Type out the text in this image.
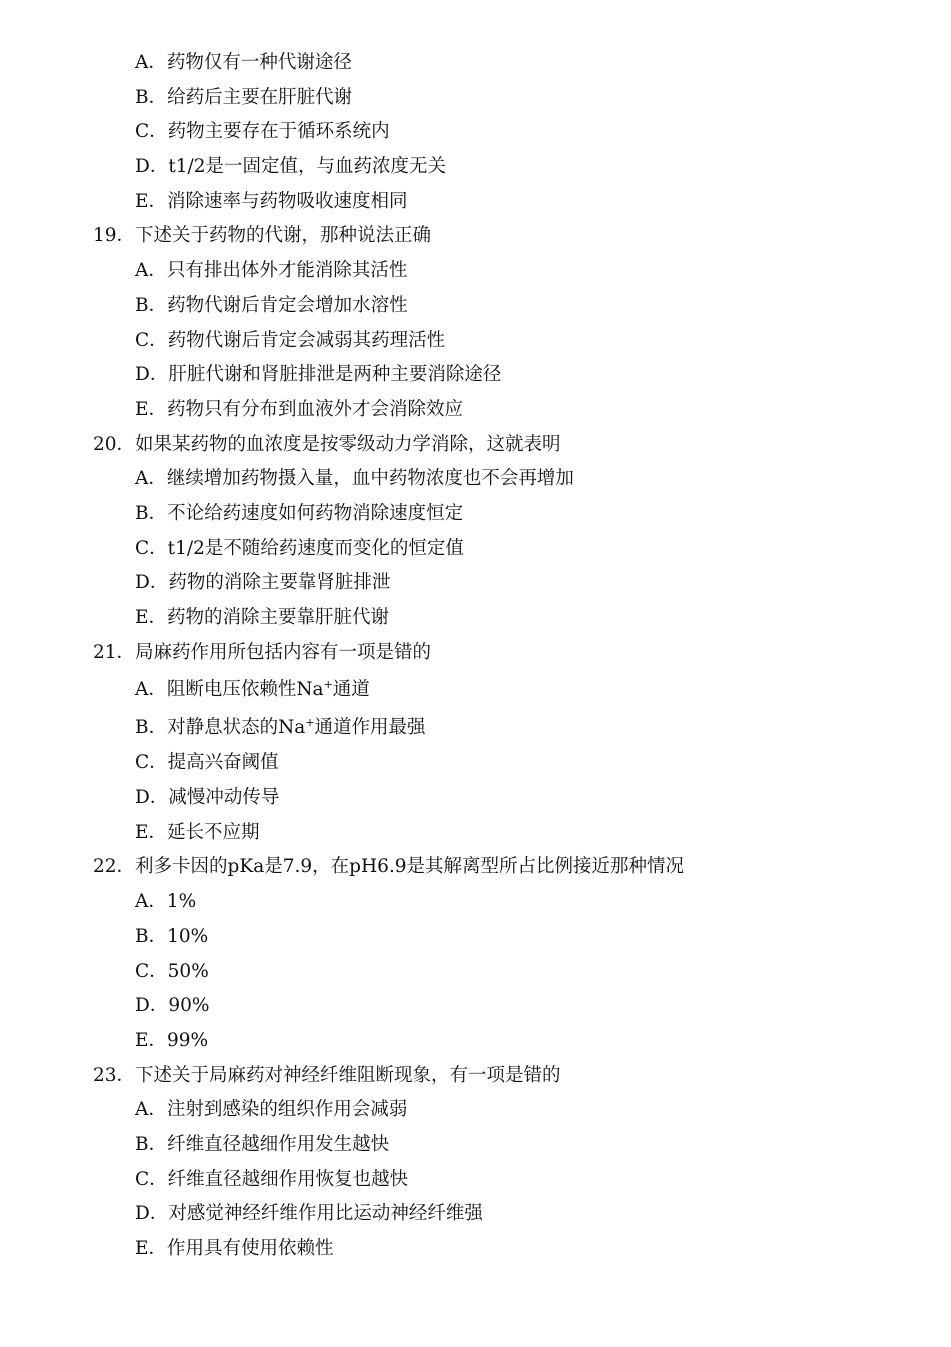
A．药物仅有一种代谢途径
B．给药后主要在肝脏代谢
C．药物主要存在于循环系统内
D．t1/2是一固定值，与血药浓度无关
E．消除速率与药物吸收速度相同
19．下述关于药物的代谢，那种说法正确
A．只有排出体外才能消除其活性
B．药物代谢后肯定会增加水溶性
C．药物代谢后肯定会减弱其药理活性
D．肝脏代谢和肾脏排泄是两种主要消除途径
E．药物只有分布到血液外才会消除效应
20．如果某药物的血浓度是按零级动力学消除，这就表明
A．继续增加药物摄入量，血中药物浓度也不会再增加
B．不论给药速度如何药物消除速度恒定
C．t1/2是不随给药速度而变化的恒定值
D．药物的消除主要靠肾脏排泄
E．药物的消除主要靠肝脏代谢
21．局麻药作用所包括内容有一项是错的
A．阻断电压依赖性Na+通道
B．对静息状态的Na+通道作用最强
C．提高兴奋阈值
D．减慢冲动传导
E．延长不应期
22．利多卡因的pKa是7.9，在pH6.9是其解离型所占比例接近那种情况
A．1%
B．10%
C．50%
D．90%
E．99%
23．下述关于局麻药对神经纤维阻断现象，有一项是错的
A．注射到感染的组织作用会减弱
B．纤维直径越细作用发生越快
C．纤维直径越细作用恢复也越快
D．对感觉神经纤维作用比运动神经纤维强
E．作用具有使用依赖性
